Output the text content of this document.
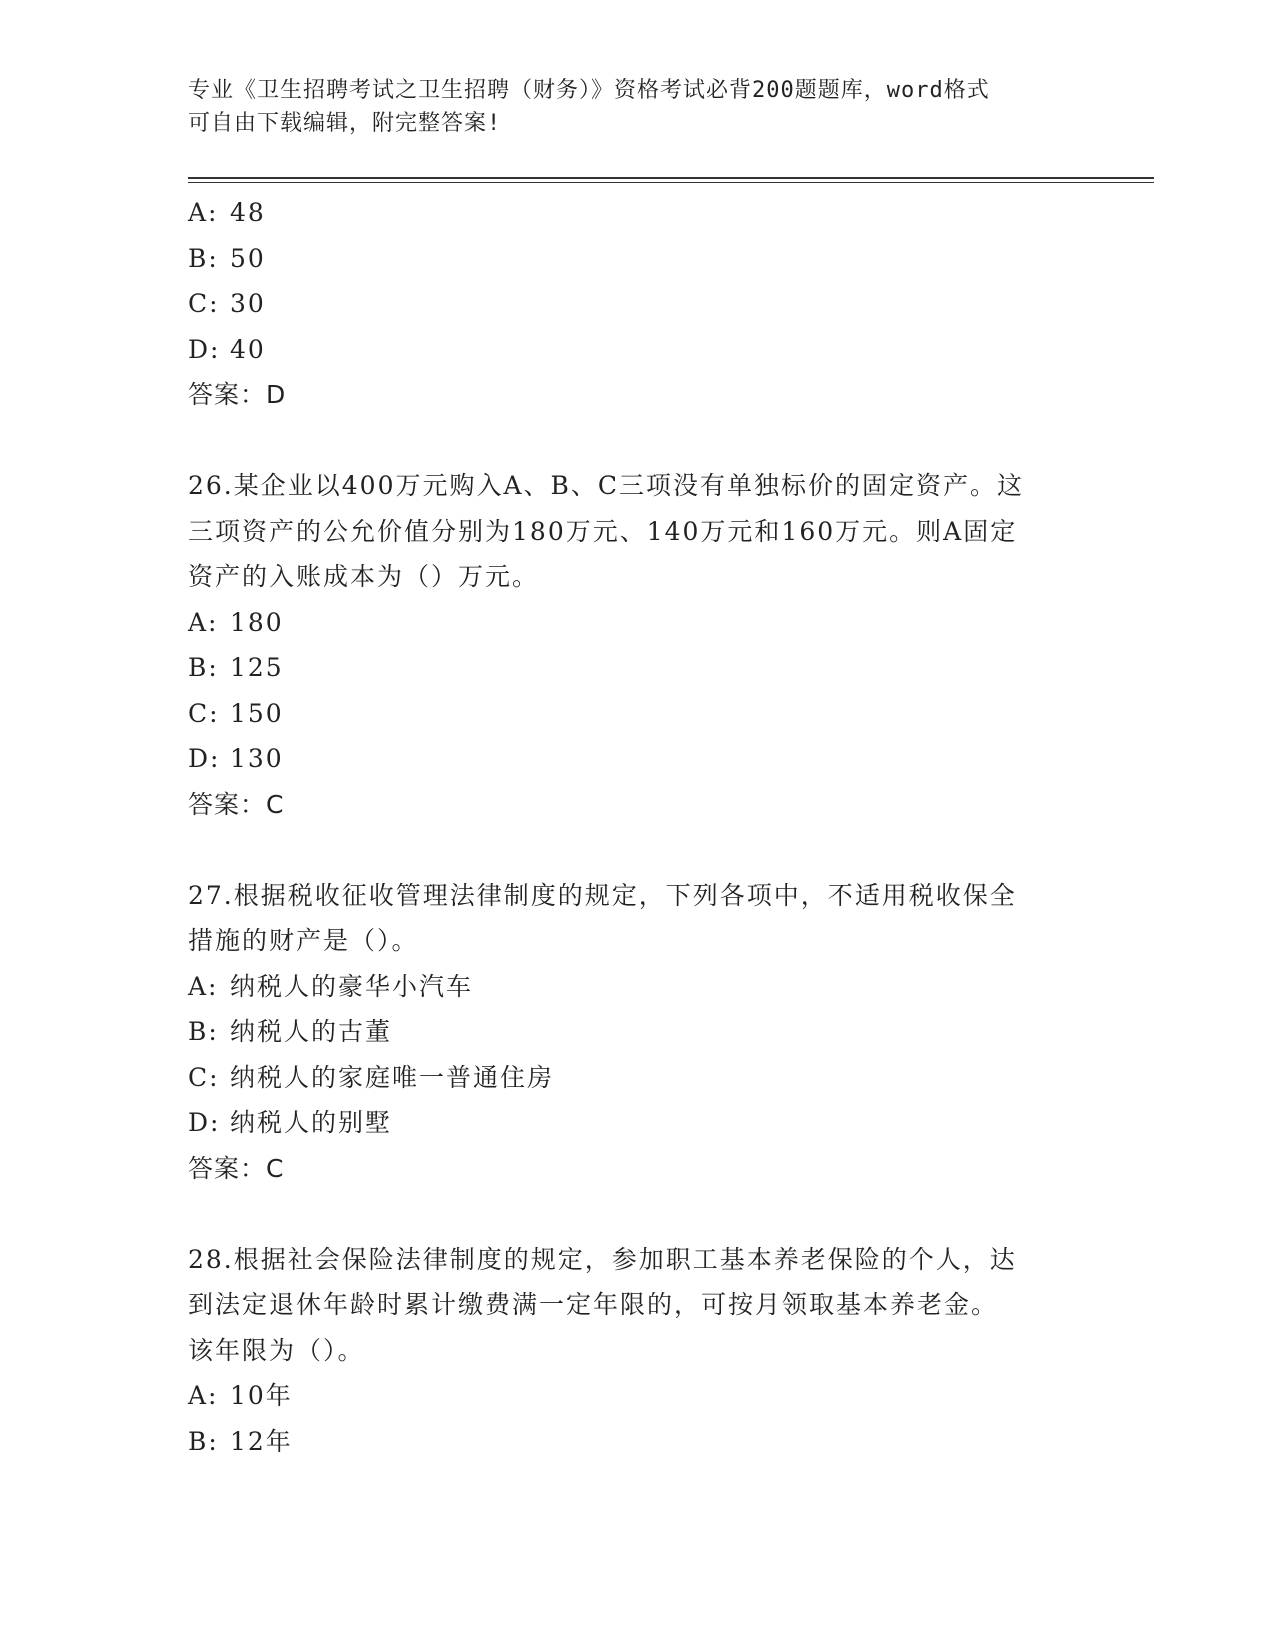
专业《卫生招聘考试之卫生招聘（财务）》资格考试必背200题题库，word格式
可自由下载编辑，附完整答案!
A: 48
B: 50
C: 30
D: 40
答案：D
26.某企业以400万元购入A、B、C三项没有单独标价的固定资产。这
三项资产的公允价值分别为180万元、140万元和160万元。则A固定
资产的入账成本为（）万元。
A: 180
B: 125
C: 150
D: 130
答案：C
27.根据税收征收管理法律制度的规定，下列各项中，不适用税收保全
措施的财产是（）。
A: 纳税人的豪华小汽车
B: 纳税人的古董
C: 纳税人的家庭唯一普通住房
D: 纳税人的别墅
答案：C
28.根据社会保险法律制度的规定，参加职工基本养老保险的个人，达
到法定退休年龄时累计缴费满一定年限的，可按月领取基本养老金。
该年限为（）。
A: 10年
B: 12年
